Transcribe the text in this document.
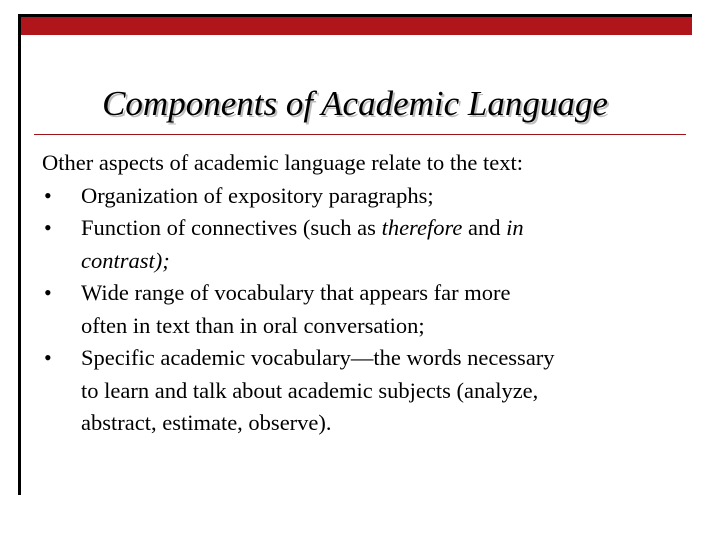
Components of Academic Language

Other aspects of academic language relate to the text:

• Organization of expository paragraphs;
• Function of connectives (such as therefore and in
contrast);
• Wide range of vocabulary that appears far more
often in text than in oral conversation;
• Specific academic vocabulary—the words necessary
to learn and talk about academic subjects (analyze,
abstract, estimate, observe).
